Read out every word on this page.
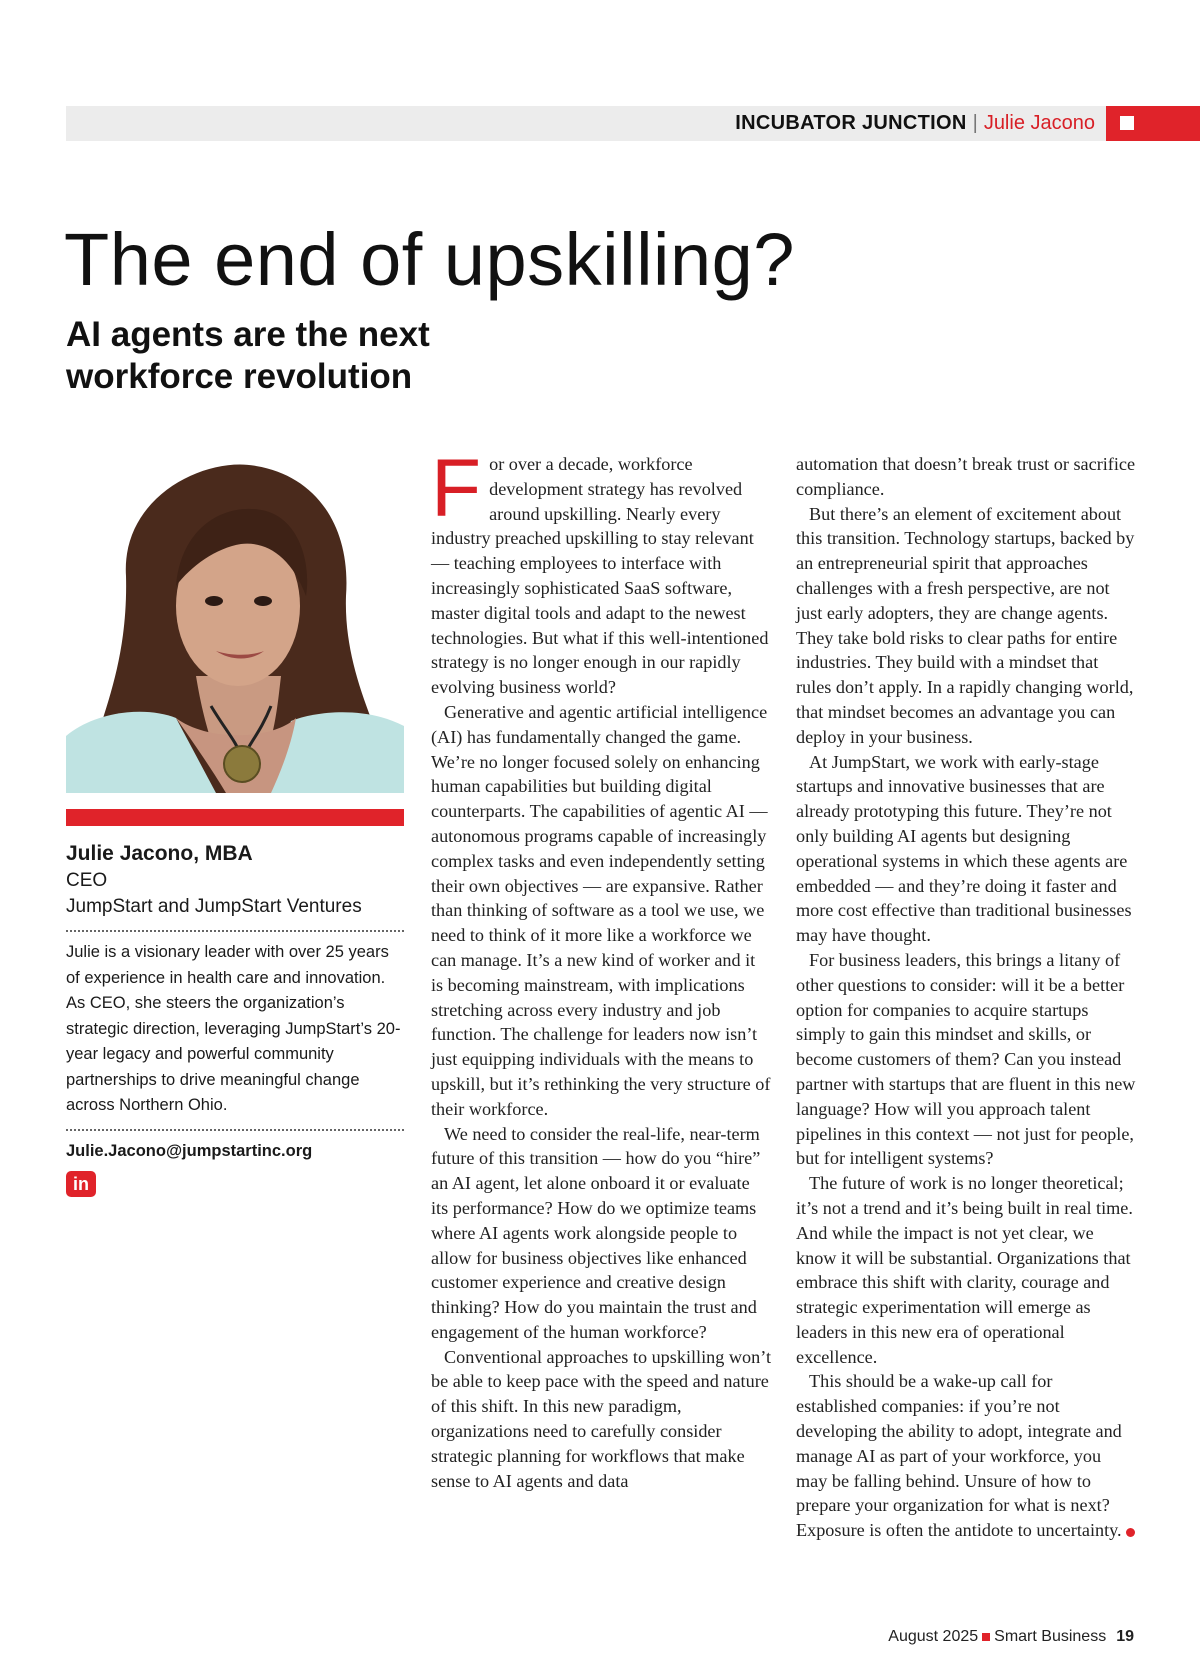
INCUBATOR JUNCTION | Julie Jacono
The end of upskilling?
AI agents are the next workforce revolution
Julie Jacono, MBA
CEO
JumpStart and JumpStart Ventures
Julie is a visionary leader with over 25 years of experience in health care and innovation. As CEO, she steers the organization’s strategic direction, leveraging JumpStart’s 20-year legacy and powerful community partnerships to drive meaningful change across Northern Ohio.
Julie.Jacono@jumpstartinc.org
in
F or over a decade, workforce development strategy has revolved around upskilling. Nearly every industry preached upskilling to stay relevant — teaching employees to interface with increasingly sophisticated SaaS software, master digital tools and adapt to the newest technologies. But what if this well-intentioned strategy is no longer enough in our rapidly evolving business world?

Generative and agentic artificial intelligence (AI) has fundamentally changed the game. We’re no longer focused solely on enhancing human capabilities but building digital counterparts. The capabilities of agentic AI — autonomous programs capable of increasingly complex tasks and even independently setting their own objectives — are expansive. Rather than thinking of software as a tool we use, we need to think of it more like a workforce we can manage. It’s a new kind of worker and it is becoming mainstream, with implications stretching across every industry and job function. The challenge for leaders now isn’t just equipping individuals with the means to upskill, but it’s rethinking the very structure of their workforce.

We need to consider the real-life, near-term future of this transition — how do you “hire” an AI agent, let alone onboard it or evaluate its performance? How do we optimize teams where AI agents work alongside people to allow for business objectives like enhanced customer experience and creative design thinking? How do you maintain the trust and engagement of the human workforce?

Conventional approaches to upskilling won’t be able to keep pace with the speed and nature of this shift. In this new paradigm, organizations need to carefully consider strategic planning for workflows that make sense to AI agents and data

automation that doesn’t break trust or sacrifice compliance.

But there’s an element of excitement about this transition. Technology startups, backed by an entrepreneurial spirit that approaches challenges with a fresh perspective, are not just early adopters, they are change agents. They take bold risks to clear paths for entire industries. They build with a mindset that rules don’t apply. In a rapidly changing world, that mindset becomes an advantage you can deploy in your business.

At JumpStart, we work with early-stage startups and innovative businesses that are already prototyping this future. They’re not only building AI agents but designing operational systems in which these agents are embedded — and they’re doing it faster and more cost effective than traditional businesses may have thought.

For business leaders, this brings a litany of other questions to consider: will it be a better option for companies to acquire startups simply to gain this mindset and skills, or become customers of them? Can you instead partner with startups that are fluent in this new language? How will you approach talent pipelines in this context — not just for people, but for intelligent systems?

The future of work is no longer theoretical; it’s not a trend and it’s being built in real time. And while the impact is not yet clear, we know it will be substantial. Organizations that embrace this shift with clarity, courage and strategic experimentation will emerge as leaders in this new era of operational excellence.

This should be a wake-up call for established companies: if you’re not developing the ability to adopt, integrate and manage AI as part of your workforce, you may be falling behind. Unsure of how to prepare your organization for what is next? Exposure is often the antidote to uncertainty.

August 2025 Smart Business 19
